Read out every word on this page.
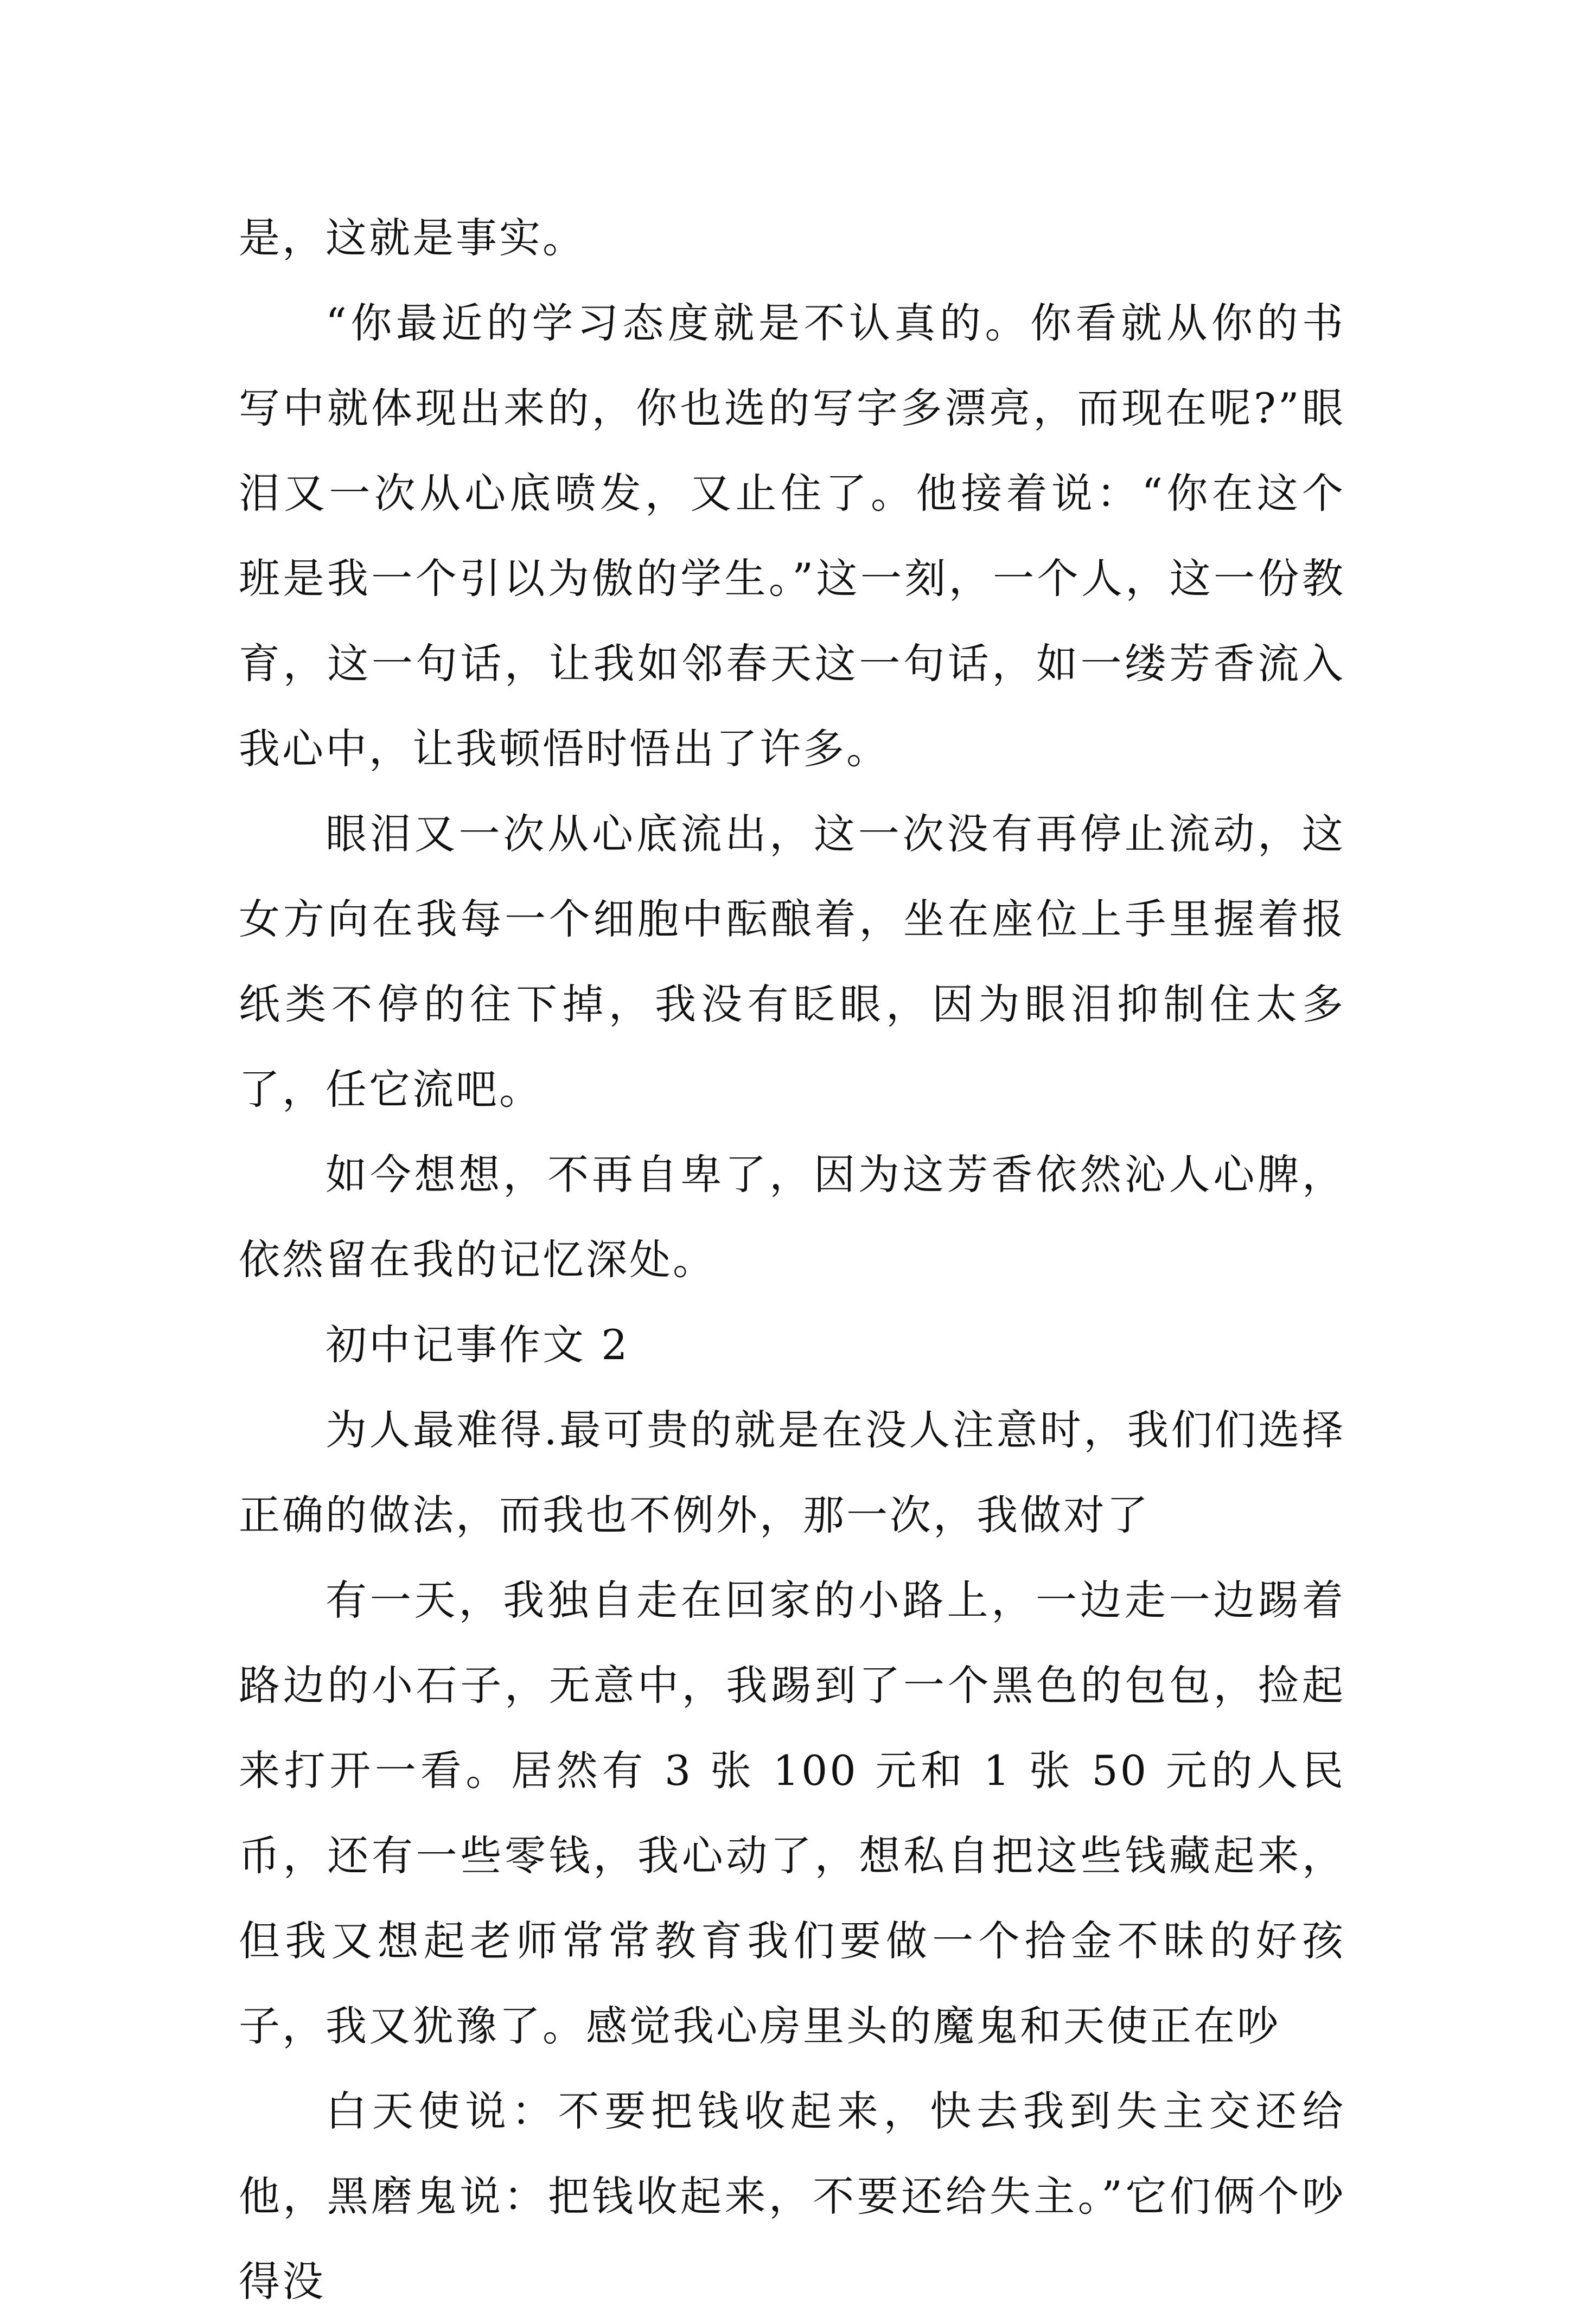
是，这就是事实。

“你最近的学习态度就是不认真的。你看就从你的书写中就体现出来的，你也选的写字多漂亮，而现在呢?”眼泪又一次从心底喷发，又止住了。他接着说：“你在这个班是我一个引以为傲的学生。”这一刻，一个人，这一份教育，这一句话，让我如邻春天这一句话，如一缕芳香流入我心中，让我顿悟时悟出了许多。

眼泪又一次从心底流出，这一次没有再停止流动，这女方向在我每一个细胞中酝酿着，坐在座位上手里握着报纸类不停的往下掉，我没有眨眼，因为眼泪抑制住太多了，任它流吧。

如今想想，不再自卑了，因为这芳香依然沁人心脾，依然留在我的记忆深处。

初中记事作文 2

为人最难得.最可贵的就是在没人注意时，我们们选择正确的做法，而我也不例外，那一次，我做对了

有一天，我独自走在回家的小路上，一边走一边踢着路边的小石子，无意中，我踢到了一个黑色的包包，捡起来打开一看。居然有 3 张 100 元和 1 张 50 元的人民币，还有一些零钱，我心动了，想私自把这些钱藏起来，但我又想起老师常常教育我们要做一个拾金不昧的好孩子，我又犹豫了。感觉我心房里头的魔鬼和天使正在吵

白天使说：不要把钱收起来，快去我到失主交还给他，黑磨鬼说：把钱收起来，不要还给失主。”它们俩个吵得没
